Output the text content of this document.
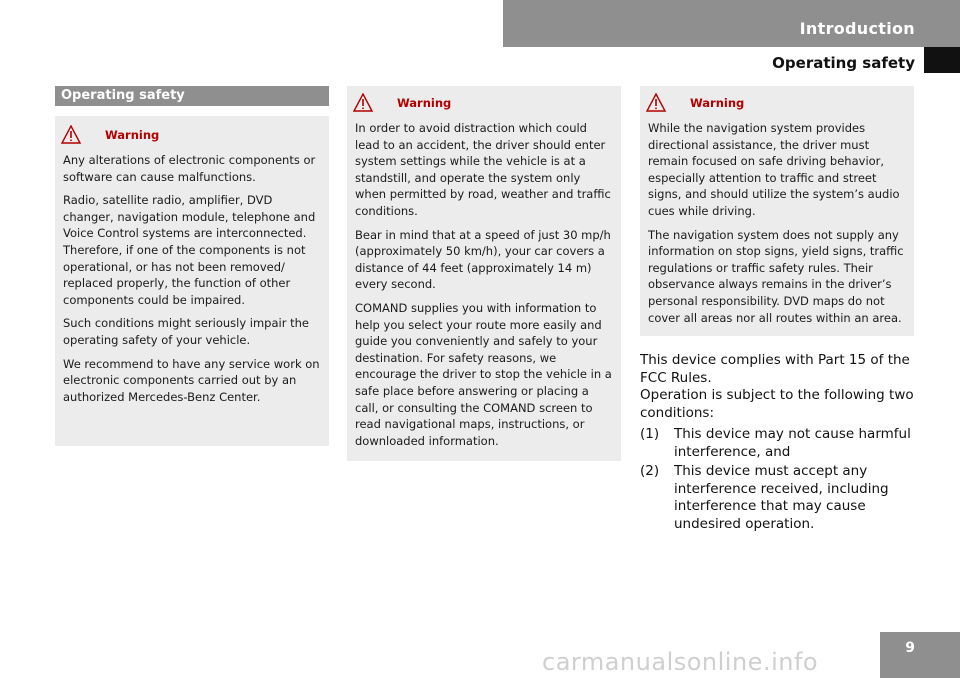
Introduction
Operating safety
Operating safety
Warning

Any alterations of electronic components or software can cause malfunctions.

Radio, satellite radio, amplifier, DVD changer, navigation module, telephone and Voice Control systems are interconnected. Therefore, if one of the components is not operational, or has not been removed/ replaced properly, the function of other components could be impaired.

Such conditions might seriously impair the operating safety of your vehicle.

We recommend to have any service work on electronic components carried out by an authorized Mercedes-Benz Center.

Warning

In order to avoid distraction which could lead to an accident, the driver should enter system settings while the vehicle is at a standstill, and operate the system only when permitted by road, weather and traffic conditions.

Bear in mind that at a speed of just 30 mp/h (approximately 50 km/h), your car covers a distance of 44 feet (approximately 14 m) every second.

COMAND supplies you with information to help you select your route more easily and guide you conveniently and safely to your destination. For safety reasons, we encourage the driver to stop the vehicle in a safe place before answering or placing a call, or consulting the COMAND screen to read navigational maps, instructions, or downloaded information.

Warning

While the navigation system provides directional assistance, the driver must remain focused on safe driving behavior, especially attention to traffic and street signs, and should utilize the system’s audio cues while driving.

The navigation system does not supply any information on stop signs, yield signs, traffic regulations or traffic safety rules. Their observance always remains in the driver’s personal responsibility. DVD maps do not cover all areas nor all routes within an area.

This device complies with Part 15 of the FCC Rules.

Operation is subject to the following two conditions:

(1)	This device may not cause harmful interference, and
(2)	This device must accept any interference received, including interference that may cause undesired operation.
9
carmanualsonline.info
